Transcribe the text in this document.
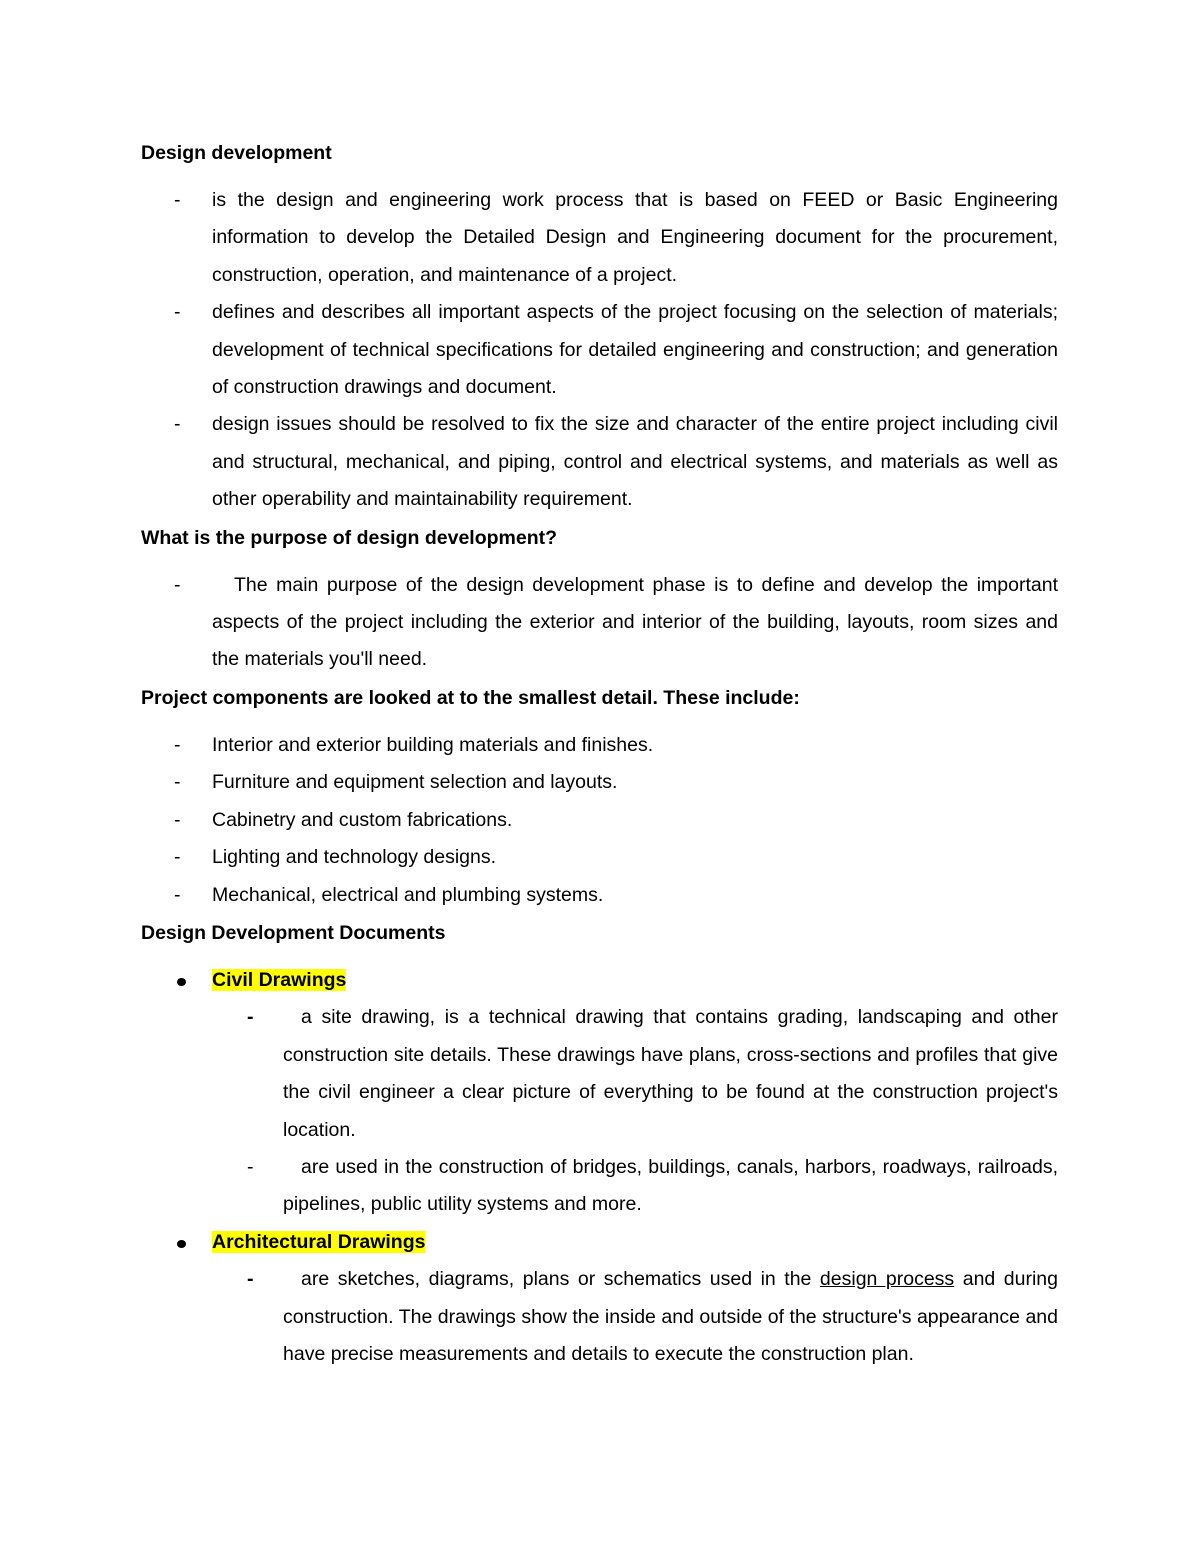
Design development

- is the design and engineering work process that is based on FEED or Basic Engineering information to develop the Detailed Design and Engineering document for the procurement, construction, operation, and maintenance of a project.
- defines and describes all important aspects of the project focusing on the selection of materials; development of technical specifications for detailed engineering and construction; and generation of construction drawings and document.
- design issues should be resolved to fix the size and character of the entire project including civil and structural, mechanical, and piping, control and electrical systems, and materials as well as other operability and maintainability requirement.

What is the purpose of design development?

-	The main purpose of the design development phase is to define and develop the important aspects of the project including the exterior and interior of the building, layouts, room sizes and the materials you'll need.

Project components are looked at to the smallest detail. These include:

- Interior and exterior building materials and finishes.
- Furniture and equipment selection and layouts.
- Cabinetry and custom fabrications.
- Lighting and technology designs.
- Mechanical, electrical and plumbing systems.

Design Development Documents

Civil Drawings
- a site drawing, is a technical drawing that contains grading, landscaping and other construction site details. These drawings have plans, cross-sections and profiles that give the civil engineer a clear picture of everything to be found at the construction project's location.
- are used in the construction of bridges, buildings, canals, harbors, roadways, railroads, pipelines, public utility systems and more.
Architectural Drawings
- are sketches, diagrams, plans or schematics used in the design process and during construction. The drawings show the inside and outside of the structure's appearance and have precise measurements and details to execute the construction plan.
